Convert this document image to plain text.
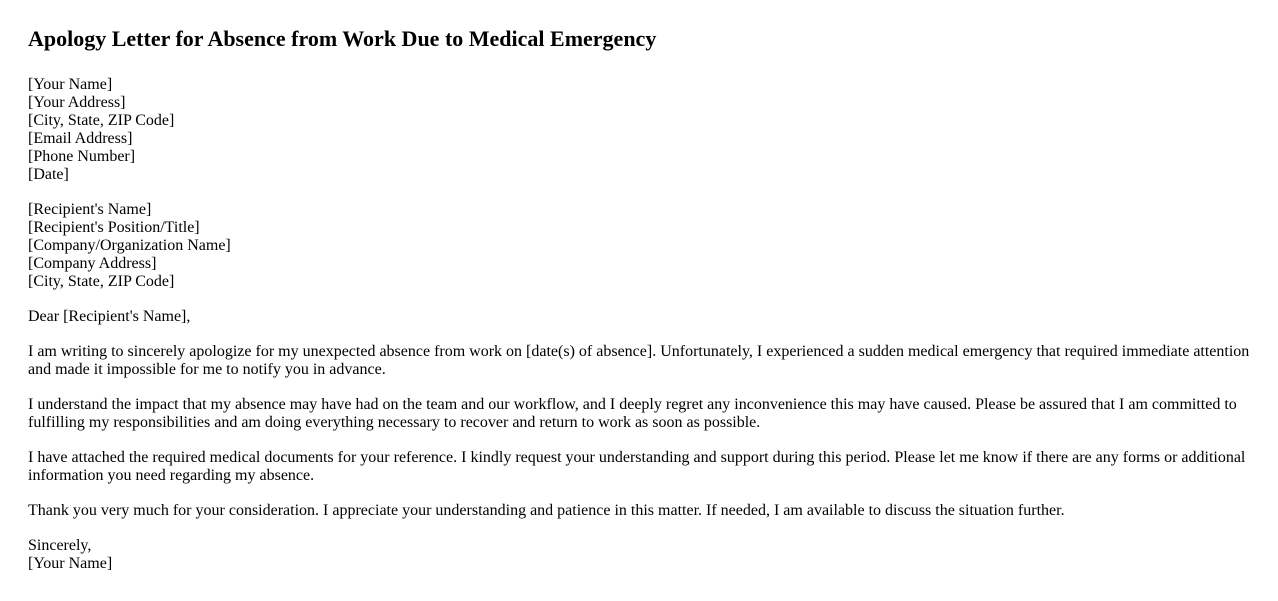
Apology Letter for Absence from Work Due to Medical Emergency
[Your Name]
[Your Address]
[City, State, ZIP Code]
[Email Address]
[Phone Number]
[Date]
[Recipient's Name]
[Recipient's Position/Title]
[Company/Organization Name]
[Company Address]
[City, State, ZIP Code]

Dear [Recipient's Name],

I am writing to sincerely apologize for my unexpected absence from work on [date(s) of absence]. Unfortunately, I experienced a sudden medical emergency that required immediate attention and made it impossible for me to notify you in advance.

I understand the impact that my absence may have had on the team and our workflow, and I deeply regret any inconvenience this may have caused. Please be assured that I am committed to fulfilling my responsibilities and am doing everything necessary to recover and return to work as soon as possible.

I have attached the required medical documents for your reference. I kindly request your understanding and support during this period. Please let me know if there are any forms or additional information you need regarding my absence.

Thank you very much for your consideration. I appreciate your understanding and patience in this matter. If needed, I am available to discuss the situation further.

Sincerely,
[Your Name]
